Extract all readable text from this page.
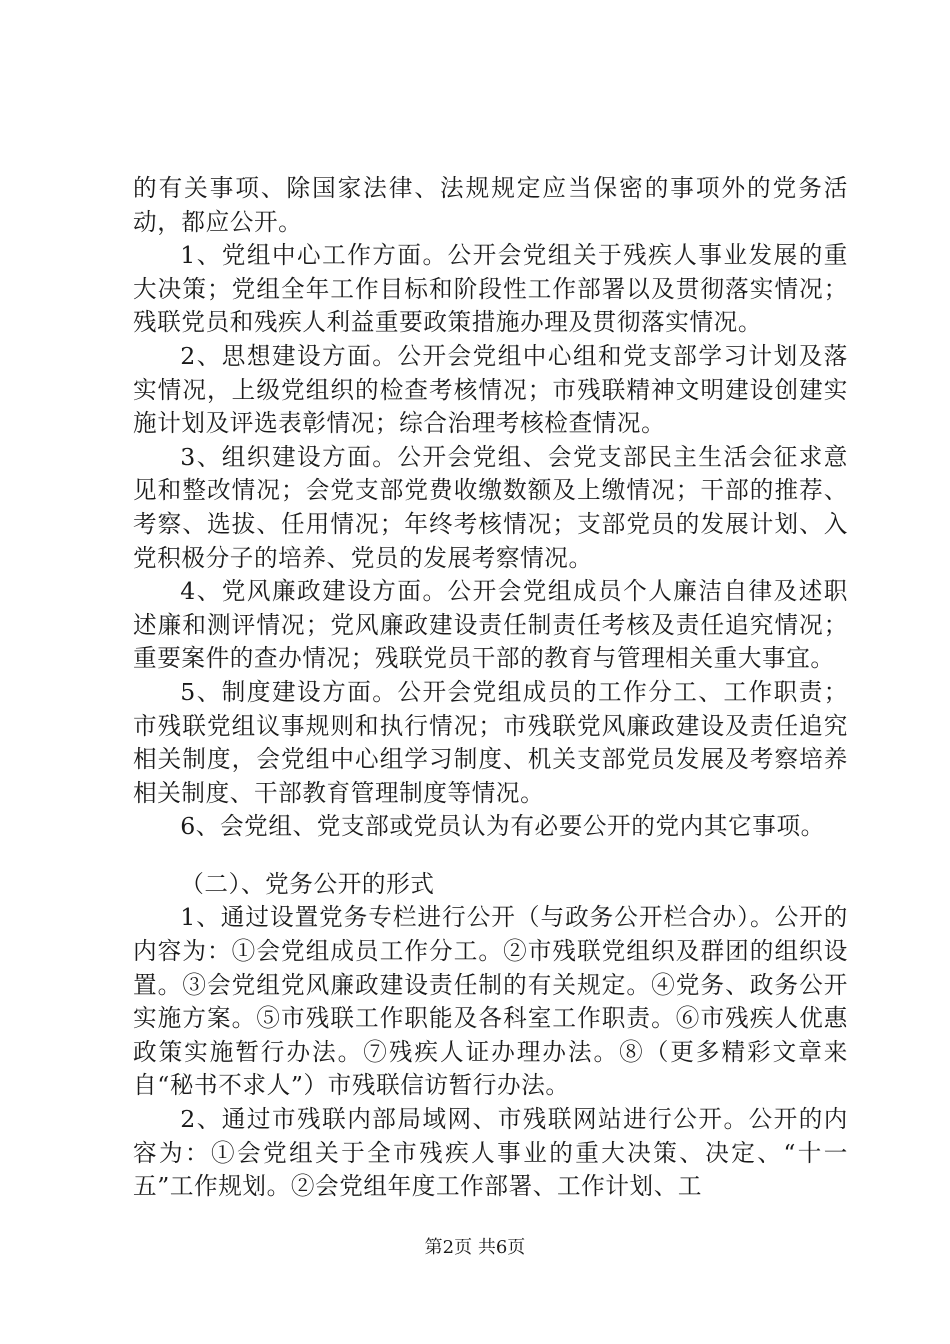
的有关事项、除国家法律、法规规定应当保密的事项外的党务活动，都应公开。

1、党组中心工作方面。公开会党组关于残疾人事业发展的重大决策；党组全年工作目标和阶段性工作部署以及贯彻落实情况；残联党员和残疾人利益重要政策措施办理及贯彻落实情况。

2、思想建设方面。公开会党组中心组和党支部学习计划及落实情况，上级党组织的检查考核情况；市残联精神文明建设创建实施计划及评选表彰情况；综合治理考核检查情况。

3、组织建设方面。公开会党组、会党支部民主生活会征求意见和整改情况；会党支部党费收缴数额及上缴情况；干部的推荐、考察、选拔、任用情况；年终考核情况；支部党员的发展计划、入党积极分子的培养、党员的发展考察情况。

4、党风廉政建设方面。公开会党组成员个人廉洁自律及述职述廉和测评情况；党风廉政建设责任制责任考核及责任追究情况；重要案件的查办情况；残联党员干部的教育与管理相关重大事宜。

5、制度建设方面。公开会党组成员的工作分工、工作职责；市残联党组议事规则和执行情况；市残联党风廉政建设及责任追究相关制度，会党组中心组学习制度、机关支部党员发展及考察培养相关制度、干部教育管理制度等情况。

6、会党组、党支部或党员认为有必要公开的党内其它事项。

（二）、党务公开的形式

1、通过设置党务专栏进行公开（与政务公开栏合办）。公开的内容为：①会党组成员工作分工。②市残联党组织及群团的组织设置。③会党组党风廉政建设责任制的有关规定。④党务、政务公开实施方案。⑤市残联工作职能及各科室工作职责。⑥市残疾人优惠政策实施暂行办法。⑦残疾人证办理办法。⑧（更多精彩文章来自“秘书不求人”）市残联信访暂行办法。

2、通过市残联内部局域网、市残联网站进行公开。公开的内容为：①会党组关于全市残疾人事业的重大决策、决定、“十一五”工作规划。②会党组年度工作部署、工作计划、工

第2页 共6页
